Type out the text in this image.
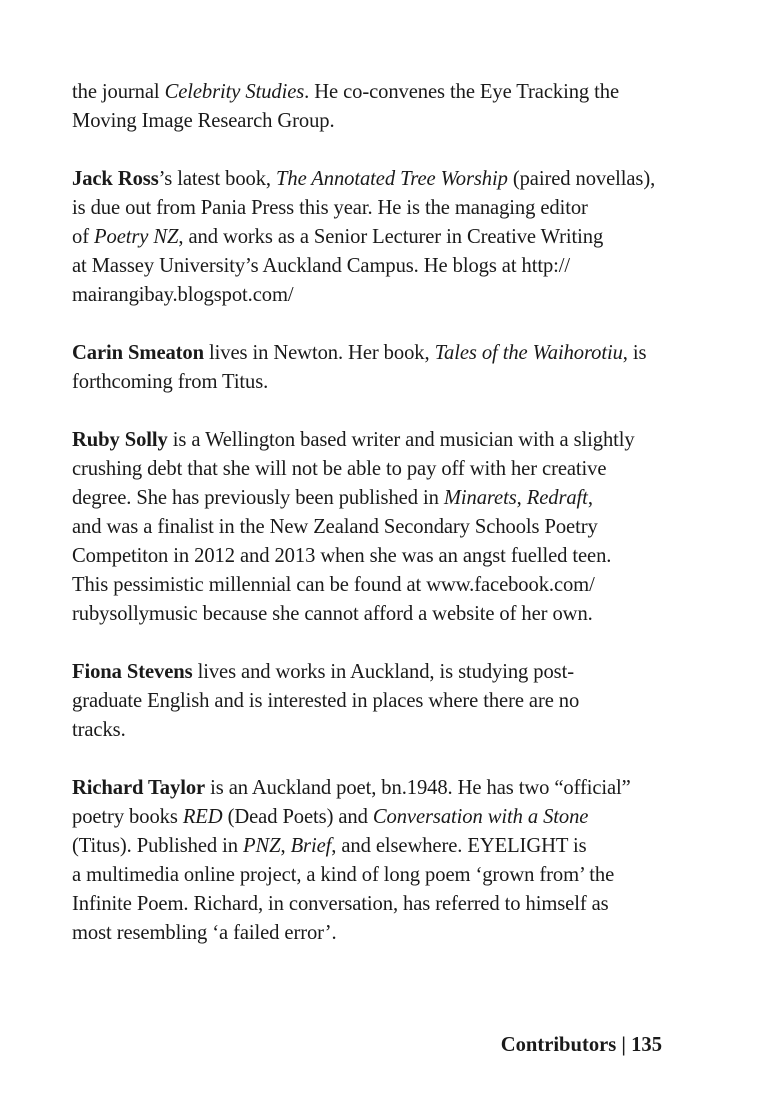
the journal Celebrity Studies. He co-convenes the Eye Tracking the
Moving Image Research Group.

Jack Ross’s latest book, The Annotated Tree Worship (paired novellas),
is due out from Pania Press this year. He is the managing editor
of Poetry NZ, and works as a Senior Lecturer in Creative Writing
at Massey University’s Auckland Campus. He blogs at http://
mairangibay.blogspot.com/

Carin Smeaton lives in Newton. Her book, Tales of the Waihorotiu, is
forthcoming from Titus.

Ruby Solly is a Wellington based writer and musician with a slightly
crushing debt that she will not be able to pay off with her creative
degree. She has previously been published in Minarets, Redraft,
and was a finalist in the New Zealand Secondary Schools Poetry
Competiton in 2012 and 2013 when she was an angst fuelled teen.
This pessimistic millennial can be found at www.facebook.com/
rubysollymusic because she cannot afford a website of her own.

Fiona Stevens lives and works in Auckland, is studying post-
graduate English and is interested in places where there are no
tracks.

Richard Taylor is an Auckland poet, bn.1948. He has two “official”
poetry books RED (Dead Poets) and Conversation with a Stone
(Titus). Published in PNZ, Brief, and elsewhere. EYELIGHT is
a multimedia online project, a kind of long poem ‘grown from’ the
Infinite Poem. Richard, in conversation, has referred to himself as
most resembling ‘a failed error’.

Contributors | 135
